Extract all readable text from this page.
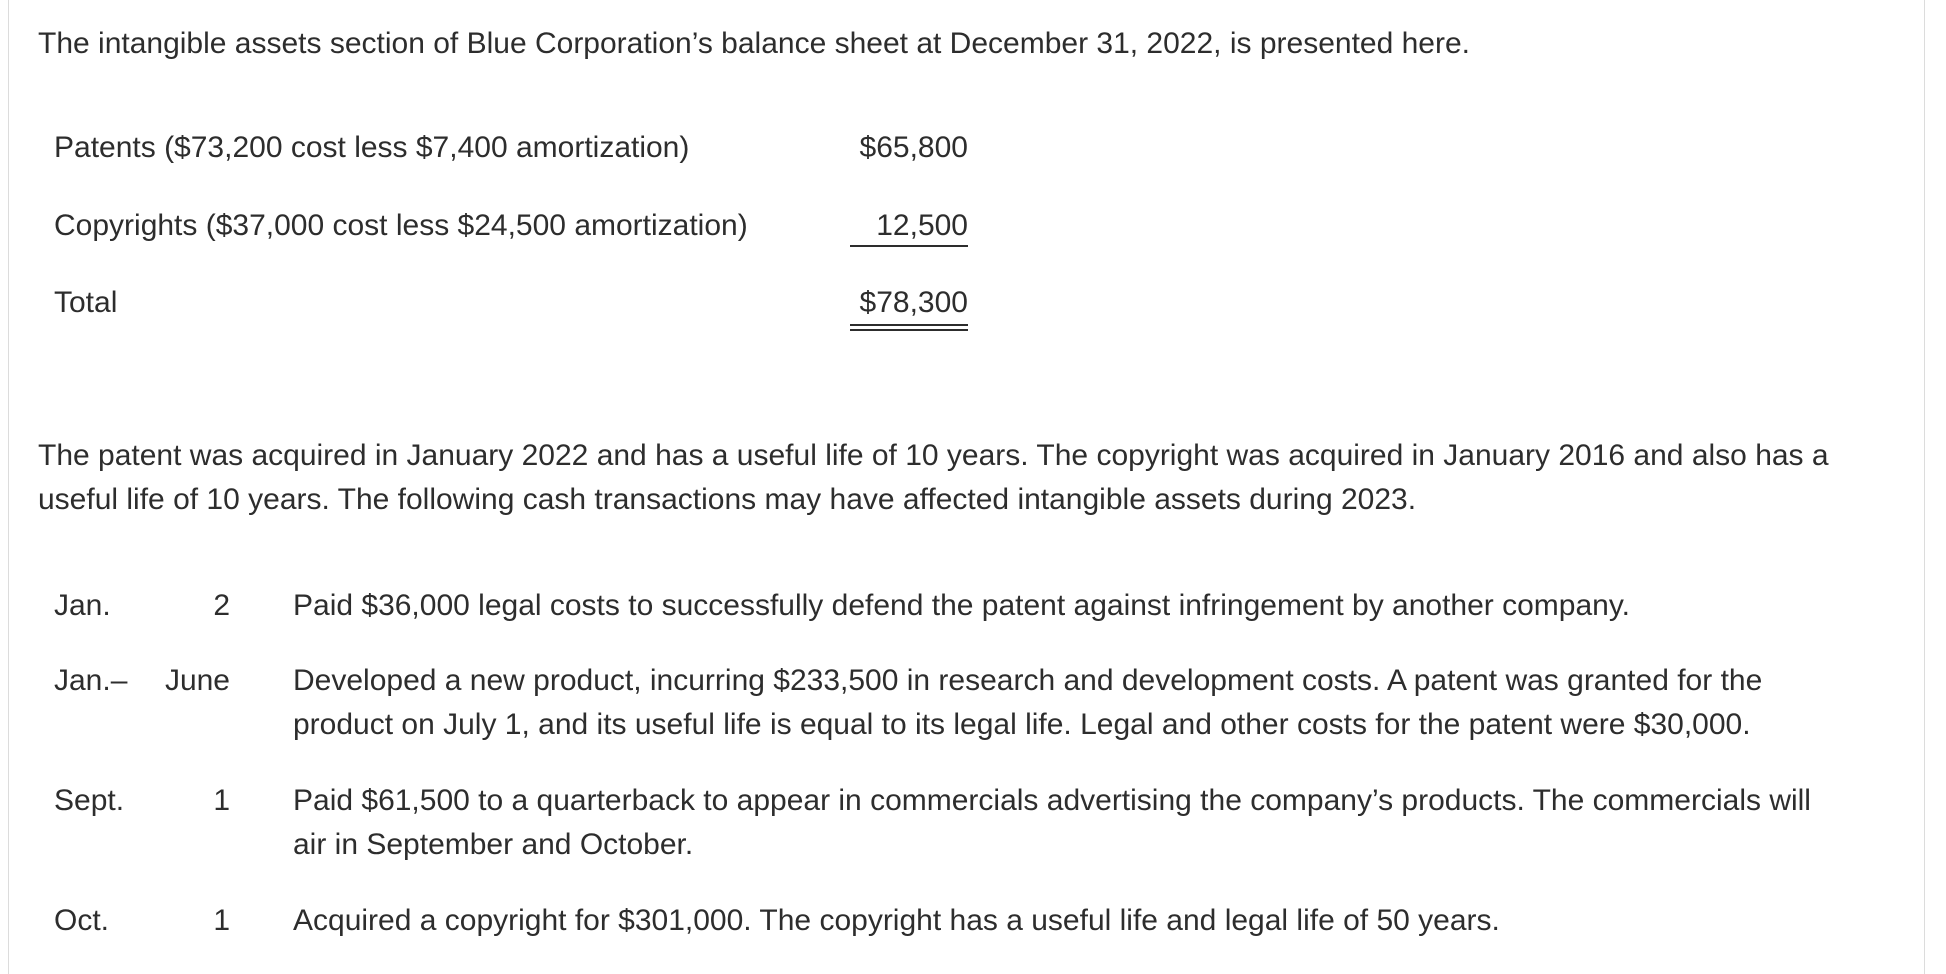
The intangible assets section of Blue Corporation’s balance sheet at December 31, 2022, is presented here.

Patents ($73,200 cost less $7,400 amortization)	$65,800
Copyrights ($37,000 cost less $24,500 amortization)	12,500
Total	$78,300
The patent was acquired in January 2022 and has a useful life of 10 years. The copyright was acquired in January 2016 and also has a
useful life of 10 years. The following cash transactions may have affected intangible assets during 2023.
Jan.	2 Paid $36,000 legal costs to successfully defend the patent against infringement by another company.
Jan.– June Developed a new product, incurring $233,500 in research and development costs. A patent was granted for the
product on July 1, and its useful life is equal to its legal life. Legal and other costs for the patent were $30,000.
Sept.	1 Paid $61,500 to a quarterback to appear in commercials advertising the company’s products. The commercials will
air in September and October.
Oct.	1 Acquired a copyright for $301,000. The copyright has a useful life and legal life of 50 years.
